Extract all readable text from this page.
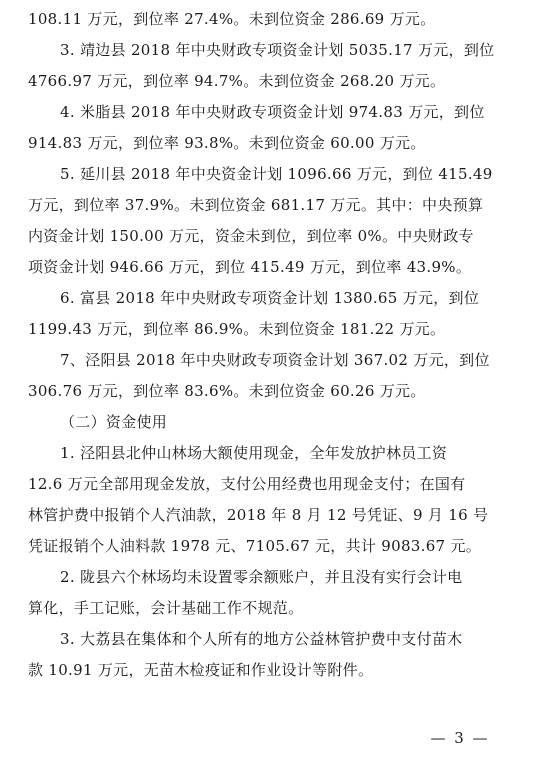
108.11 万元，到位率 27.4%。未到位资金 286.69 万元。

3. 靖边县 2018 年中央财政专项资金计划 5035.17 万元，到位
4766.97 万元，到位率 94.7%。未到位资金 268.20 万元。

4. 米脂县 2018 年中央财政专项资金计划 974.83 万元，到位
914.83 万元，到位率 93.8%。未到位资金 60.00 万元。

5. 延川县 2018 年中央资金计划 1096.66 万元，到位 415.49
万元，到位率 37.9%。未到位资金 681.17 万元。其中：中央预算
内资金计划 150.00 万元，资金未到位，到位率 0%。中央财政专
项资金计划 946.66 万元，到位 415.49 万元，到位率 43.9%。

6. 富县 2018 年中央财政专项资金计划 1380.65 万元，到位
1199.43 万元，到位率 86.9%。未到位资金 181.22 万元。

7、泾阳县 2018 年中央财政专项资金计划 367.02 万元，到位
306.76 万元，到位率 83.6%。未到位资金 60.26 万元。

（二）资金使用

1. 泾阳县北仲山林场大额使用现金，全年发放护林员工资
12.6 万元全部用现金发放，支付公用经费也用现金支付；在国有
林管护费中报销个人汽油款，2018 年 8 月 12 号凭证、9 月 16 号
凭证报销个人油料款 1978 元、7105.67 元，共计 9083.67 元。

2. 陇县六个林场均未设置零余额账户，并且没有实行会计电
算化，手工记账，会计基础工作不规范。

3. 大荔县在集体和个人所有的地方公益林管护费中支付苗木
款 10.91 万元，无苗木检疫证和作业设计等附件。

— 3 —
